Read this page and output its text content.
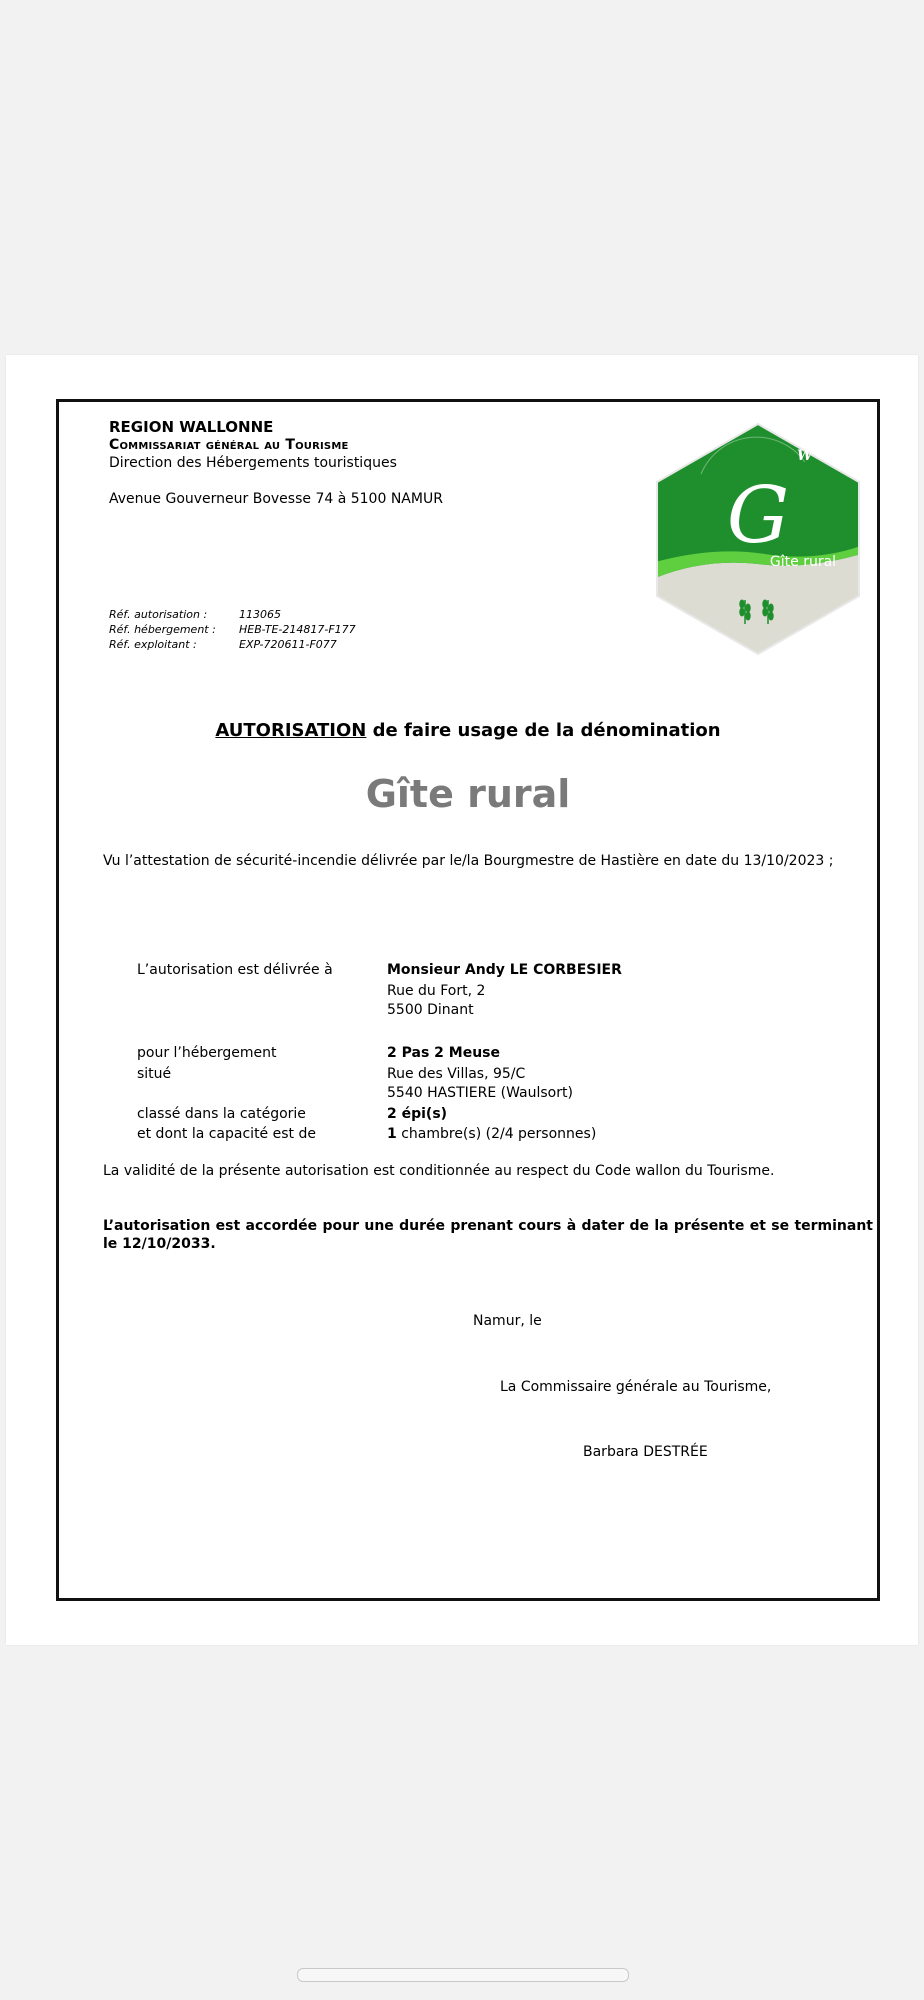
REGION WALLONNE
Commissariat général au Tourisme
Direction des Hébergements touristiques
Avenue Gouverneur Bovesse 74 à 5100 NAMUR
Réf. autorisation :	113065
Réf. hébergement : HEB-TE-214817-F177
Réf. exploitant :	EXP-720611-F077
G
W
Gîte rural
AUTORISATION de faire usage de la dénomination
Gîte rural
Vu l’attestation de sécurité-incendie délivrée par le/la Bourgmestre de Hastière en date du 13/10/2023 ;
L’autorisation est délivrée à	Monsieur Andy LE CORBESIER
Rue du Fort, 2
5500 Dinant
pour l’hébergement	2 Pas 2 Meuse
situé	Rue des Villas, 95/C
5540 HASTIERE (Waulsort)
classé dans la catégorie	2 épi(s)
et dont la capacité est de	1 chambre(s) (2/4 personnes)
La validité de la présente autorisation est conditionnée au respect du Code wallon du Tourisme.
L’autorisation est accordée pour une durée prenant cours à dater de la présente et se terminant le 12/10/2033.
Namur, le
La Commissaire générale au Tourisme,
Barbara DESTRÉE
